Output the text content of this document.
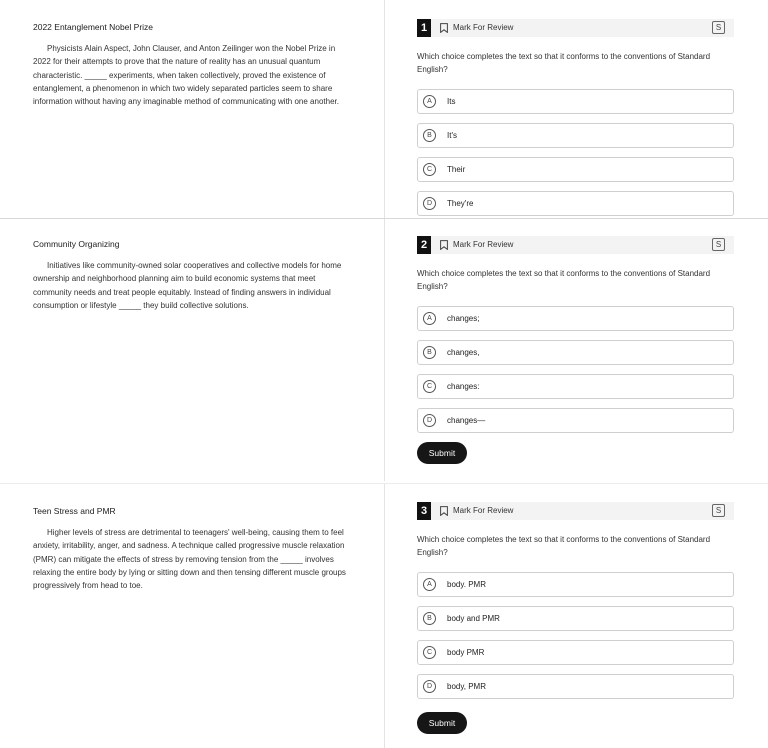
2022 Entanglement Nobel Prize

Physicists Alain Aspect, John Clauser, and Anton Zeilinger won the Nobel Prize in 2022 for their attempts to prove that the nature of reality has an unusual quantum characteristic. _____ experiments, when taken collectively, proved the existence of entanglement, a phenomenon in which two widely separated particles seem to share information without having any imaginable method of communicating with one another.

1	Mark For Review	S
Which choice completes the text so that it conforms to the conventions of Standard English?
A	Its
B	It's
C	Their
D	They're

Community Organizing

Initiatives like community-owned solar cooperatives and collective models for home ownership and neighborhood planning aim to build economic systems that meet community needs and treat people equitably. Instead of finding answers in individual consumption or lifestyle _____ they build collective solutions.

2	Mark For Review	S
Which choice completes the text so that it conforms to the conventions of Standard English?
A	changes;
B	changes,
C	changes:
D	changes—
Submit

Teen Stress and PMR

Higher levels of stress are detrimental to teenagers' well-being, causing them to feel anxiety, irritability, anger, and sadness. A technique called progressive muscle relaxation (PMR) can mitigate the effects of stress by removing tension from the _____ involves relaxing the entire body by lying or sitting down and then tensing different muscle groups progressively from head to toe.

3	Mark For Review	S
Which choice completes the text so that it conforms to the conventions of Standard English?
A	body. PMR
B	body and PMR
C	body PMR
D	body, PMR
Submit
